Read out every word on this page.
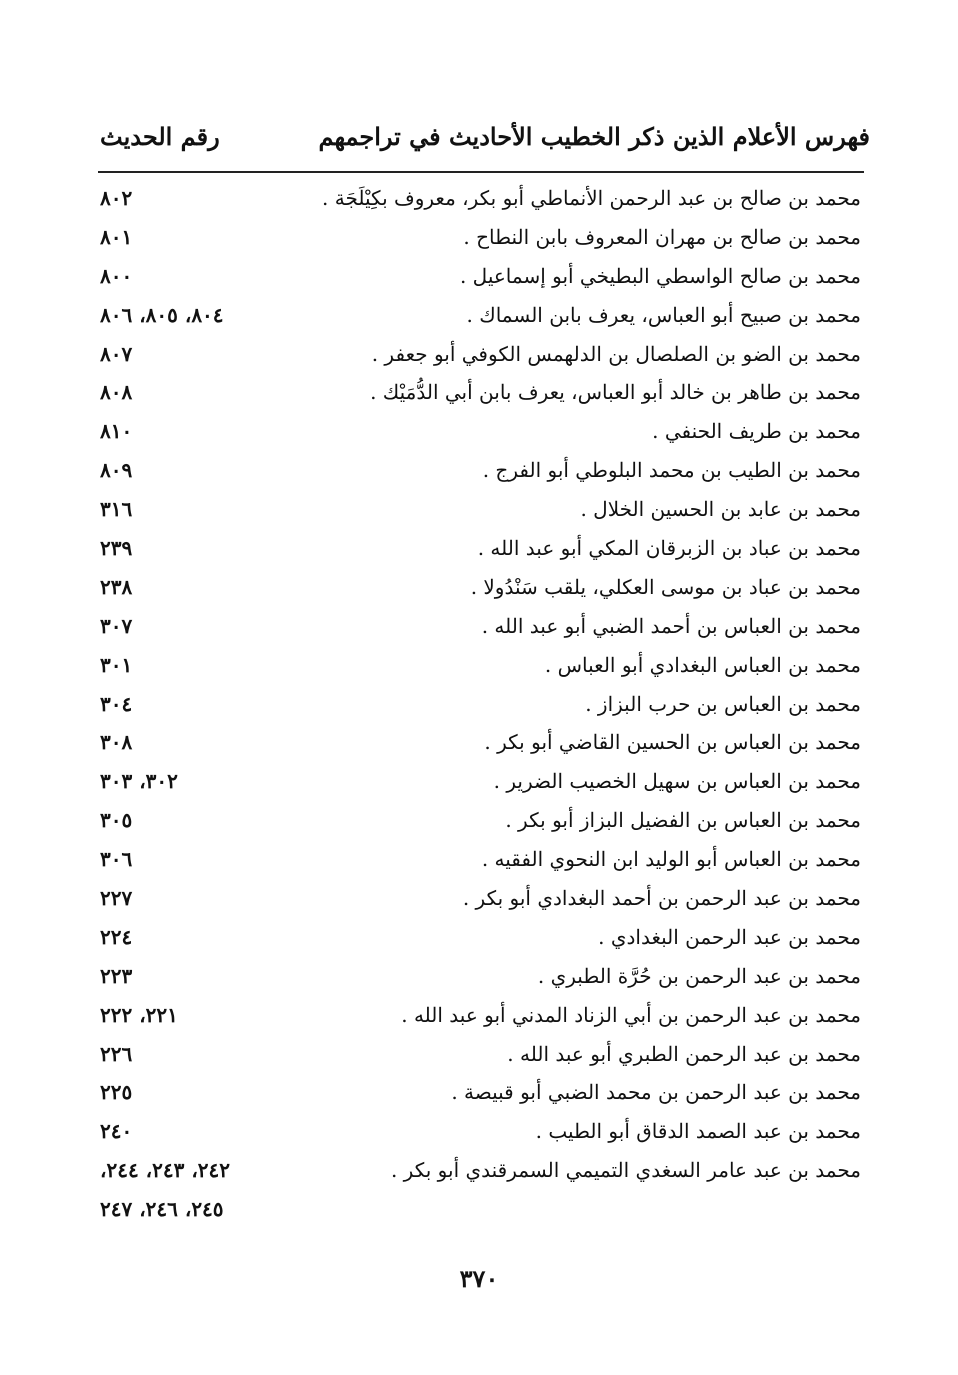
فهرس الأعلام الذين ذكر الخطيب الأحاديث في تراجمهم
رقم الحديث
محمد بن صالح بن عبد الرحمن الأنماطي أبو بكر، معروف بكِيْلَجَة .
٨٠٢
محمد بن صالح بن مهران المعروف بابن النطاح .
٨٠١
محمد بن صالح الواسطي البطيخي أبو إسماعيل .
٨٠٠
محمد بن صبيح أبو العباس، يعرف بابن السماك .
٨٠٤، ٨٠٥، ٨٠٦
محمد بن الضو بن الصلصال بن الدلهمس الكوفي أبو جعفر .
٨٠٧
محمد بن طاهر بن خالد أبو العباس، يعرف بابن أبي الدُّمَيْك .
٨٠٨
محمد بن طريف الحنفي .
٨١٠
محمد بن الطيب بن محمد البلوطي أبو الفرج .
٨٠٩
محمد بن عابد بن الحسين الخلال .
٣١٦
محمد بن عباد بن الزبرقان المكي أبو عبد الله .
٢٣٩
محمد بن عباد بن موسى العكلي، يلقب سَنْدُولا .
٢٣٨
محمد بن العباس بن أحمد الضبي أبو عبد الله .
٣٠٧
محمد بن العباس البغدادي أبو العباس .
٣٠١
محمد بن العباس بن حرب البزاز .
٣٠٤
محمد بن العباس بن الحسين القاضي أبو بكر .
٣٠٨
محمد بن العباس بن سهيل الخصيب الضرير .
٣٠٢، ٣٠٣
محمد بن العباس بن الفضيل البزاز أبو بكر .
٣٠٥
محمد بن العباس أبو الوليد ابن النحوي الفقيه .
٣٠٦
محمد بن عبد الرحمن بن أحمد البغدادي أبو بكر .
٢٢٧
محمد بن عبد الرحمن البغدادي .
٢٢٤
محمد بن عبد الرحمن بن حُرَّة الطبري .
٢٢٣
محمد بن عبد الرحمن بن أبي الزناد المدني أبو عبد الله .
٢٢١، ٢٢٢
محمد بن عبد الرحمن الطبري أبو عبد الله .
٢٢٦
محمد بن عبد الرحمن بن محمد الضبي أبو قبيصة .
٢٢٥
محمد بن عبد الصمد الدقاق أبو الطيب .
٢٤٠
محمد بن عبد عامر السغدي التميمي السمرقندي أبو بكر .
٢٤٢، ٢٤٣، ٢٤٤،
٢٤٥، ٢٤٦، ٢٤٧
٣٧٠
